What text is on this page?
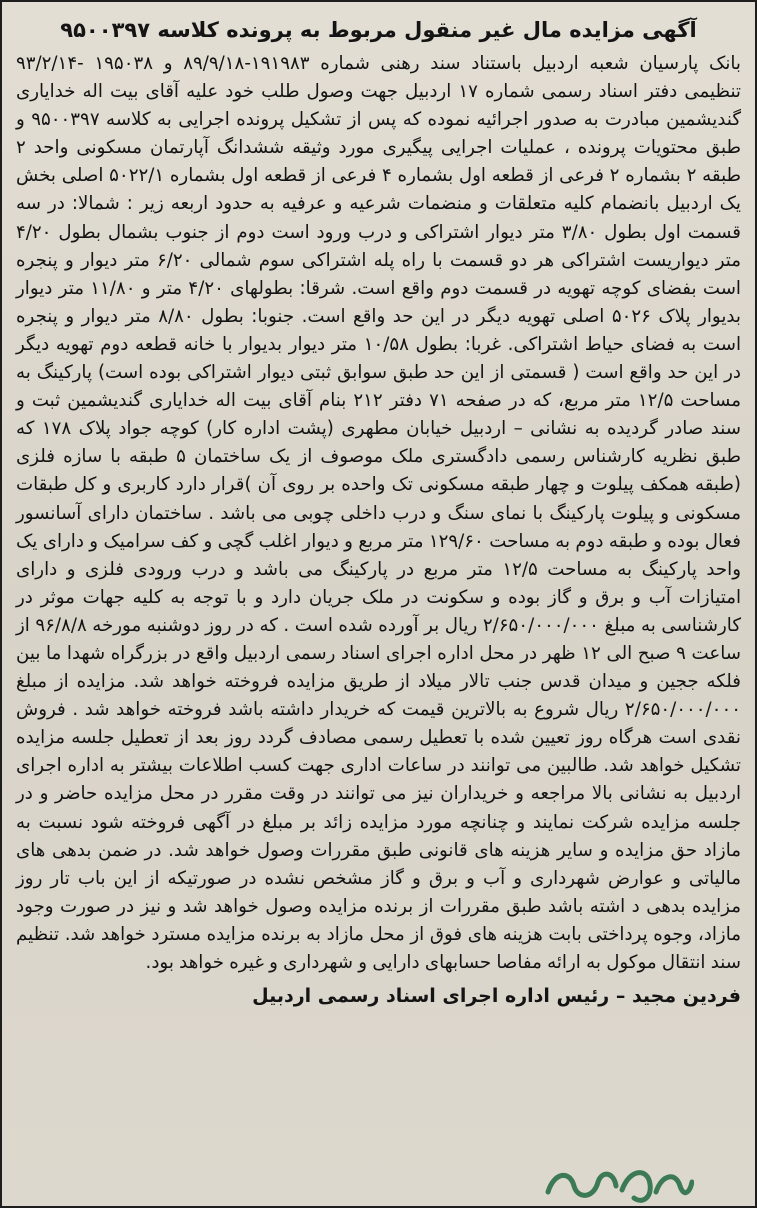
آگهی مزایده مال غیر منقول مربوط به پرونده کلاسه ۹۵۰۰۳۹۷

بانک پارسیان شعبه اردبیل باستناد سند رهنی شماره ۱۹۱۹۸۳-۸۹/۹/۱۸ و ۱۹۵۰۳۸ -۹۳/۲/۱۴ تنظیمی دفتر اسناد رسمی شماره ۱۷ اردبیل جهت وصول طلب خود علیه آقای بیت اله خدایاری گندیشمین مبادرت به صدور اجرائیه نموده که پس از تشکیل پرونده اجرایی به کلاسه ۹۵۰۰۳۹۷ و طبق محتویات پرونده ، عملیات اجرایی پیگیری مورد وثیقه ششدانگ آپارتمان مسکونی واحد ۲ طبقه ۲ بشماره ۲ فرعی از قطعه اول بشماره ۴ فرعی از قطعه اول بشماره ۵۰۲۲/۱ اصلی بخش یک اردبیل بانضمام کلیه متعلقات و منضمات شرعیه و عرفیه به حدود اربعه زیر : شمالا: در سه قسمت اول بطول ۳/۸۰ متر دیوار اشتراکی و درب ورود است دوم از جنوب بشمال بطول ۴/۲۰ متر دیواریست اشتراکی هر دو قسمت با راه پله اشتراکی سوم شمالی ۶/۲۰ متر دیوار و پنجره است بفضای کوچه تهویه در قسمت دوم واقع است. شرقا: بطولهای ۴/۲۰ متر و ۱۱/۸۰ متر دیوار بدیوار پلاک ۵۰۲۶ اصلی تهویه دیگر در این حد واقع است. جنوبا: بطول ۸/۸۰ متر دیوار و پنجره است به فضای حیاط اشتراکی. غربا: بطول ۱۰/۵۸ متر دیوار بدیوار با خانه قطعه دوم تهویه دیگر در این حد واقع است ( قسمتی از این حد طبق سوابق ثبتی دیوار اشتراکی بوده است) پارکینگ به مساحت ۱۲/۵ متر مربع، که در صفحه ۷۱ دفتر ۲۱۲ بنام آقای بیت اله خدایاری گندیشمین ثبت و سند صادر گردیده به نشانی – اردبیل خیابان مطهری (پشت اداره کار) کوچه جواد پلاک ۱۷۸ که طبق نظریه کارشناس رسمی دادگستری ملک موصوف از یک ساختمان ۵ طبقه با سازه فلزی (طبقه همکف پیلوت و چهار طبقه مسکونی تک واحده بر روی آن )قرار دارد کاربری و کل طبقات مسکونی و پیلوت پارکینگ با نمای سنگ و درب داخلی چوبی می باشد . ساختمان دارای آسانسور فعال بوده و طبقه دوم به مساحت ۱۲۹/۶۰ متر مربع و دیوار اغلب گچی و کف سرامیک و دارای یک واحد پارکینگ به مساحت ۱۲/۵ متر مربع در پارکینگ می باشد و درب ورودی فلزی و دارای امتیازات آب و برق و گاز بوده و سکونت در ملک جریان دارد و با توجه به کلیه جهات موثر در کارشناسی به مبلغ ۲/۶۵۰/۰۰۰/۰۰۰ ریال بر آورده شده است . که در روز دوشنبه مورخه ۹۶/۸/۸ از ساعت ۹ صبح الی ۱۲ ظهر در محل اداره اجرای اسناد رسمی اردبیل واقع در بزرگراه شهدا ما بین فلکه ججین و میدان قدس جنب تالار میلاد از طریق مزایده فروخته خواهد شد. مزایده از مبلغ ۲/۶۵۰/۰۰۰/۰۰۰ ریال شروع به بالاترین قیمت که خریدار داشته باشد فروخته خواهد شد . فروش نقدی است هرگاه روز تعیین شده با تعطیل رسمی مصادف گردد روز بعد از تعطیل جلسه مزایده تشکیل خواهد شد. طالبین می توانند در ساعات اداری جهت کسب اطلاعات بیشتر به اداره اجرای اردبیل به نشانی بالا مراجعه و خریداران نیز می توانند در وقت مقرر در محل مزایده حاضر و در جلسه مزایده شرکت نمایند و چنانچه مورد مزایده زائد بر مبلغ در آگهی فروخته شود نسبت به مازاد حق مزایده و سایر هزینه های قانونی طبق مقررات وصول خواهد شد. در ضمن بدهی های مالیاتی و عوارض شهرداری و آب و برق و گاز مشخص نشده در صورتیکه از این باب تار روز مزایده بدهی د اشته باشد طبق مقررات از برنده مزایده وصول خواهد شد و نیز در صورت وجود مازاد، وجوه پرداختی بابت هزینه های فوق از محل مازاد به برنده مزایده مسترد خواهد شد. تنظیم سند انتقال موکول به ارائه مفاصا حسابهای دارایی و شهرداری و غیره خواهد بود.

فردین مجید – رئیس اداره اجرای اسناد رسمی اردبیل
